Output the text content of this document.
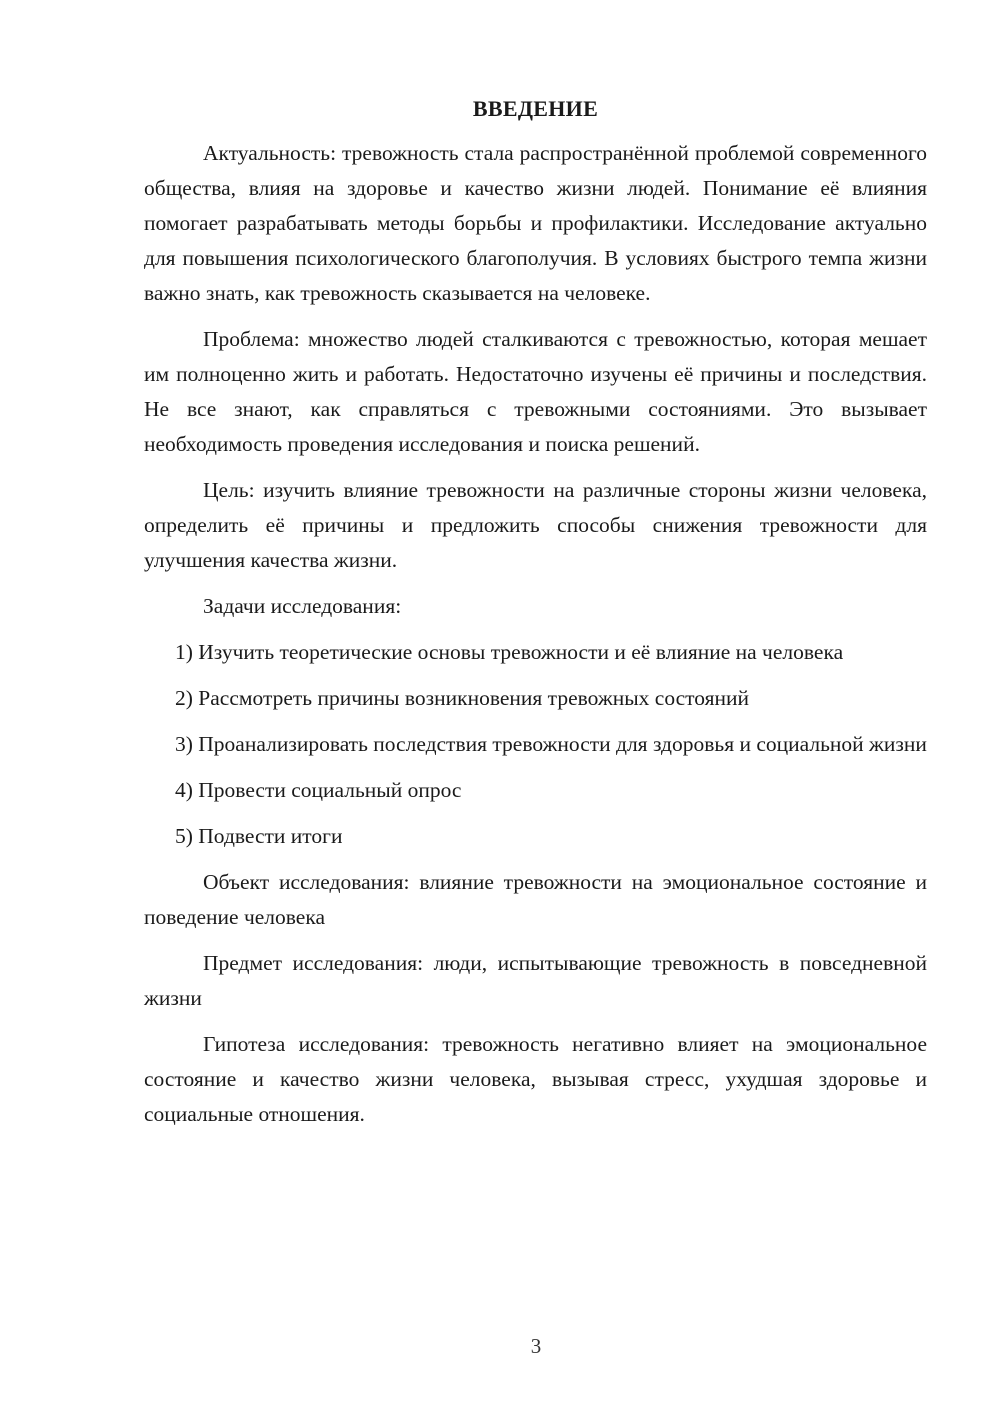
ВВЕДЕНИЕ

Актуальность: тревожность стала распространённой проблемой современного общества, влияя на здоровье и качество жизни людей. Понимание её влияния помогает разрабатывать методы борьбы и профилактики. Исследование актуально для повышения психологического благополучия. В условиях быстрого темпа жизни важно знать, как тревожность сказывается на человеке.

Проблема: множество людей сталкиваются с тревожностью, которая мешает им полноценно жить и работать. Недостаточно изучены её причины и последствия. Не все знают, как справляться с тревожными состояниями. Это вызывает необходимость проведения исследования и поиска решений.

Цель: изучить влияние тревожности на различные стороны жизни человека, определить её причины и предложить способы снижения тревожности для улучшения качества жизни.

Задачи исследования:

1) Изучить теоретические основы тревожности и её влияние на человека

2) Рассмотреть причины возникновения тревожных состояний

3) Проанализировать последствия тревожности для здоровья и социальной жизни

4) Провести социальный опрос

5) Подвести итоги

Объект исследования: влияние тревожности на эмоциональное состояние и поведение человека

Предмет исследования: люди, испытывающие тревожность в повседневной жизни

Гипотеза исследования: тревожность негативно влияет на эмоциональное состояние и качество жизни человека, вызывая стресс, ухудшая здоровье и социальные отношения.

3
